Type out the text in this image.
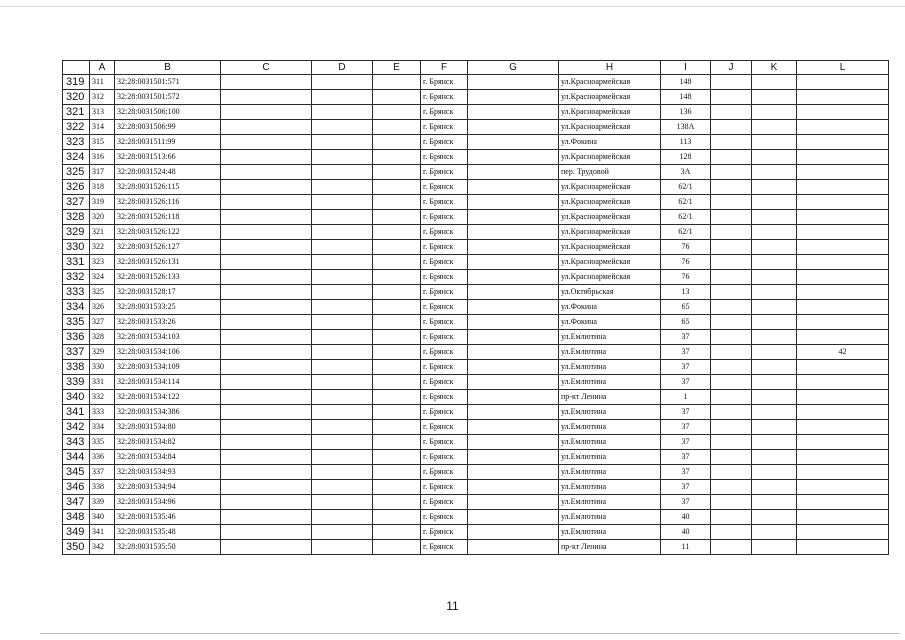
	A	B	C	D	E	F	G	H	I	J	K	L
319	311	32:28:0031501:571				г. Брянск		ул.Красноармейская	148			
320	312	32:28:0031501:572				г. Брянск		ул.Красноармейская	148			
321	313	32:28:0031506:100				г. Брянск		ул.Красноармейская	136			
322	314	32:28:0031506:99				г. Брянск		ул.Красноармейская	138А			
323	315	32:28:0031511:99				г. Брянск		ул.Фокина	113			
324	316	32:28:0031513:66				г. Брянск		ул.Красноармейская	128			
325	317	32:28:0031524:48				г. Брянск		пер. Трудовой	3А			
326	318	32:28:0031526:115				г. Брянск		ул.Красноармейская	62/1			
327	319	32:28:0031526:116				г. Брянск		ул.Красноармейская	62/1			
328	320	32:28:0031526:118				г. Брянск		ул.Красноармейская	62/1			
329	321	32:28:0031526:122				г. Брянск		ул.Красноармейская	62/1			
330	322	32:28:0031526:127				г. Брянск		ул.Красноармейская	76			
331	323	32:28:0031526:131				г. Брянск		ул.Красноармейская	76			
332	324	32:28:0031526:133				г. Брянск		ул.Красноармейская	76			
333	325	32:28:0031528:17				г. Брянск		ул.Октябрьская	13			
334	326	32:28:0031533:25				г. Брянск		ул.Фокина	65			
335	327	32:28:0031533:26				г. Брянск		ул.Фокина	65			
336	328	32:28:0031534:103				г. Брянск		ул.Емлютина	37			
337	329	32:28:0031534:106				г. Брянск		ул.Емлютина	37			42
338	330	32:28:0031534:109				г. Брянск		ул.Емлютина	37			
339	331	32:28:0031534:114				г. Брянск		ул.Емлютина	37			
340	332	32:28:0031534:122				г. Брянск		пр-кт Ленина	1			
341	333	32:28:0031534:386				г. Брянск		ул.Емлютина	37			
342	334	32:28:0031534:80				г. Брянск		ул.Емлютина	37			
343	335	32:28:0031534:82				г. Брянск		ул.Емлютина	37			
344	336	32:28:0031534:84				г. Брянск		ул.Емлютина	37			
345	337	32:28:0031534:93				г. Брянск		ул.Емлютина	37			
346	338	32:28:0031534:94				г. Брянск		ул.Емлютина	37			
347	339	32:28:0031534:96				г. Брянск		ул.Емлютина	37			
348	340	32:28:0031535:46				г. Брянск		ул.Емлютина	40			
349	341	32:28:0031535:48				г. Брянск		ул.Емлютина	40			
350	342	32:28:0031535:50				г. Брянск		пр-кт Ленина	11			
11
